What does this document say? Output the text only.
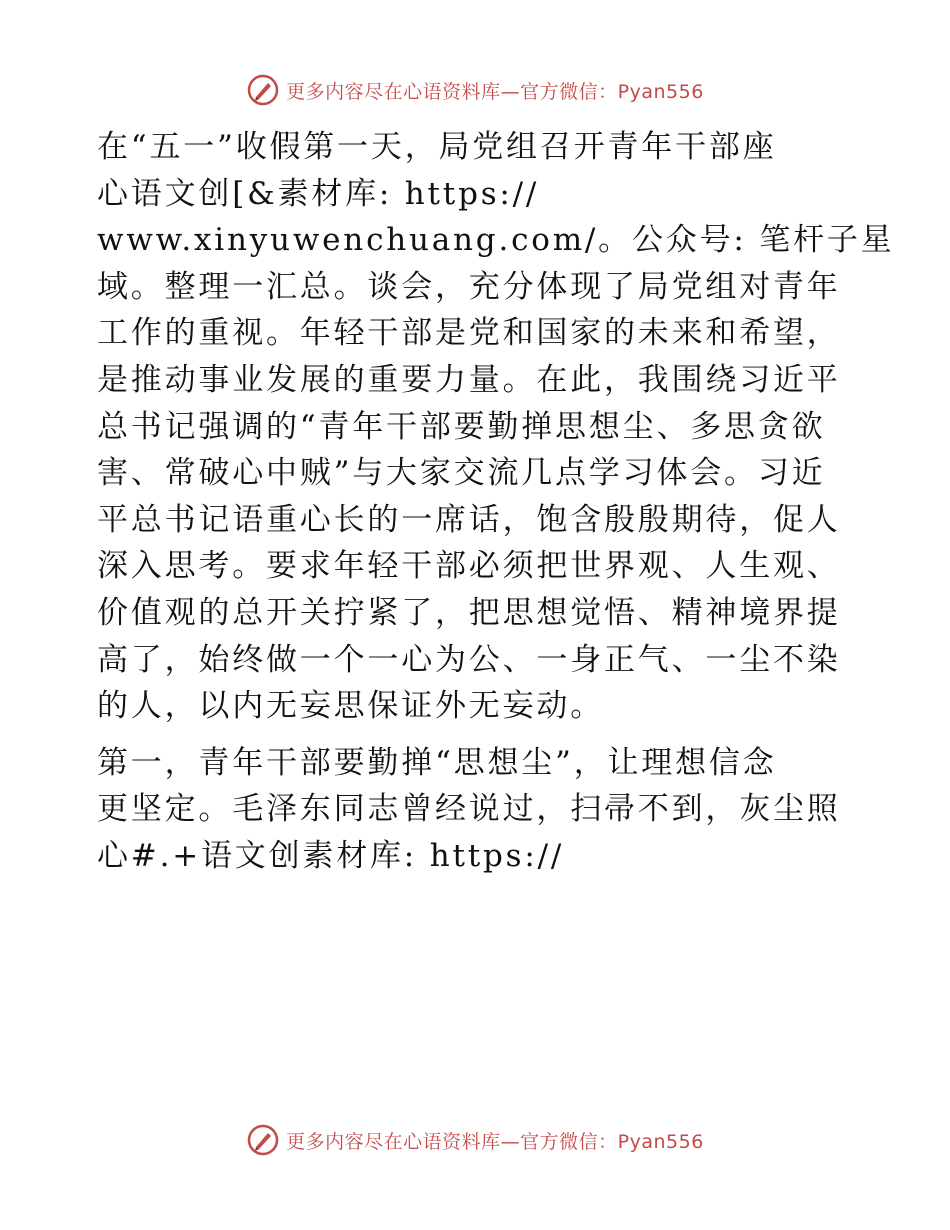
更多内容尽在心语资料库—官方微信：Pyan556

在“五一”收假第一天，局党组召开青年干部座
心语文创[&素材库: https://
www.xinyuwenchuang.com/。公众号: 笔杆子星
域。整理一汇总。谈会，充分体现了局党组对青年
工作的重视。年轻干部是党和国家的未来和希望，
是推动事业发展的重要力量。在此，我围绕习近平
总书记强调的“青年干部要勤掸思想尘、多思贪欲
害、常破心中贼”与大家交流几点学习体会。习近
平总书记语重心长的一席话，饱含殷殷期待，促人
深入思考。要求年轻干部必须把世界观、人生观、
价值观的总开关拧紧了，把思想觉悟、精神境界提
高了，始终做一个一心为公、一身正气、一尘不染
的人，以内无妄思保证外无妄动。

第一，青年干部要勤掸“思想尘”，让理想信念
更坚定。毛泽东同志曾经说过，扫帚不到，灰尘照
心#.+语文创素材库: https://

更多内容尽在心语资料库—官方微信：Pyan556
